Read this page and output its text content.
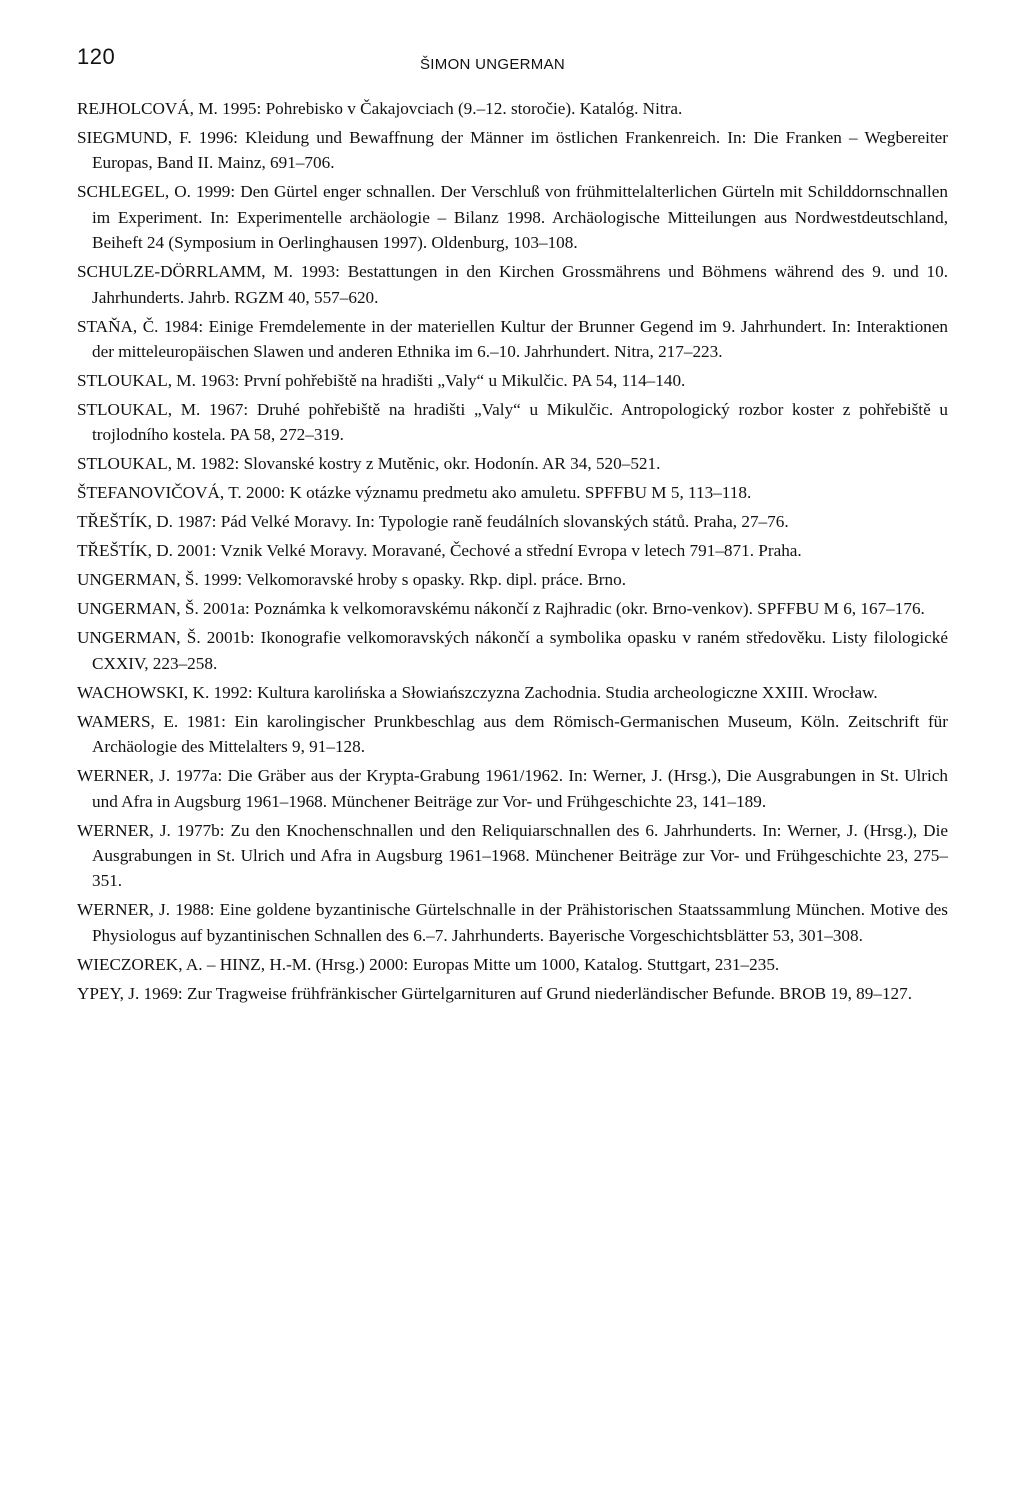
120	ŠIMON UNGERMAN

REJHOLCOVÁ, M. 1995: Pohrebisko v Čakajovciach (9.–12. storočie). Katalóg. Nitra.

SIEGMUND, F. 1996: Kleidung und Bewaffnung der Männer im östlichen Frankenreich. In: Die Franken – Wegbereiter Europas, Band II. Mainz, 691–706.

SCHLEGEL, O. 1999: Den Gürtel enger schnallen. Der Verschluß von frühmittelalterlichen Gürteln mit Schilddornschnallen im Experiment. In: Experimentelle archäologie – Bilanz 1998. Archäologische Mitteilungen aus Nordwestdeutschland, Beiheft 24 (Symposium in Oerlinghausen 1997). Oldenburg, 103–108.

SCHULZE-DÖRRLAMM, M. 1993: Bestattungen in den Kirchen Grossmährens und Böhmens während des 9. und 10. Jahrhunderts. Jahrb. RGZM 40, 557–620.

STAŇA, Č. 1984: Einige Fremdelemente in der materiellen Kultur der Brunner Gegend im 9. Jahrhundert. In: Interaktionen der mitteleuropäischen Slawen und anderen Ethnika im 6.–10. Jahrhundert. Nitra, 217–223.

STLOUKAL, M. 1963: První pohřebiště na hradišti „Valy“ u Mikulčic. PA 54, 114–140.

STLOUKAL, M. 1967: Druhé pohřebiště na hradišti „Valy“ u Mikulčic. Antropologický rozbor koster z pohřebiště u trojlodního kostela. PA 58, 272–319.

STLOUKAL, M. 1982: Slovanské kostry z Mutěnic, okr. Hodonín. AR 34, 520–521.

ŠTEFANOVIČOVÁ, T. 2000: K otázke významu predmetu ako amuletu. SPFFBU M 5, 113–118.

TŘEŠTÍK, D. 1987: Pád Velké Moravy. In: Typologie raně feudálních slovanských států. Praha, 27–76.

TŘEŠTÍK, D. 2001: Vznik Velké Moravy. Moravané, Čechové a střední Evropa v letech 791–871. Praha.

UNGERMAN, Š. 1999: Velkomoravské hroby s opasky. Rkp. dipl. práce. Brno.

UNGERMAN, Š. 2001a: Poznámka k velkomoravskému nákončí z Rajhradic (okr. Brno-venkov). SPFFBU M 6, 167–176.

UNGERMAN, Š. 2001b: Ikonografie velkomoravských nákončí a symbolika opasku v raném středověku. Listy filologické CXXIV, 223–258.

WACHOWSKI, K. 1992: Kultura karolińska a Słowiańszczyzna Zachodnia. Studia archeologiczne XXIII. Wrocław.

WAMERS, E. 1981: Ein karolingischer Prunkbeschlag aus dem Römisch-Germanischen Museum, Köln. Zeitschrift für Archäologie des Mittelalters 9, 91–128.

WERNER, J. 1977a: Die Gräber aus der Krypta-Grabung 1961/1962. In: Werner, J. (Hrsg.), Die Ausgrabungen in St. Ulrich und Afra in Augsburg 1961–1968. Münchener Beiträge zur Vor- und Frühgeschichte 23, 141–189.

WERNER, J. 1977b: Zu den Knochenschnallen und den Reliquiarschnallen des 6. Jahrhunderts. In: Werner, J. (Hrsg.), Die Ausgrabungen in St. Ulrich und Afra in Augsburg 1961–1968. Münchener Beiträge zur Vor- und Frühgeschichte 23, 275–351.

WERNER, J. 1988: Eine goldene byzantinische Gürtelschnalle in der Prähistorischen Staatssammlung München. Motive des Physiologus auf byzantinischen Schnallen des 6.–7. Jahrhunderts. Bayerische Vorgeschichtsblätter 53, 301–308.

WIECZOREK, A. – HINZ, H.-M. (Hrsg.) 2000: Europas Mitte um 1000, Katalog. Stuttgart, 231–235.

YPEY, J. 1969: Zur Tragweise frühfränkischer Gürtelgarnituren auf Grund niederländischer Befunde. BROB 19, 89–127.
